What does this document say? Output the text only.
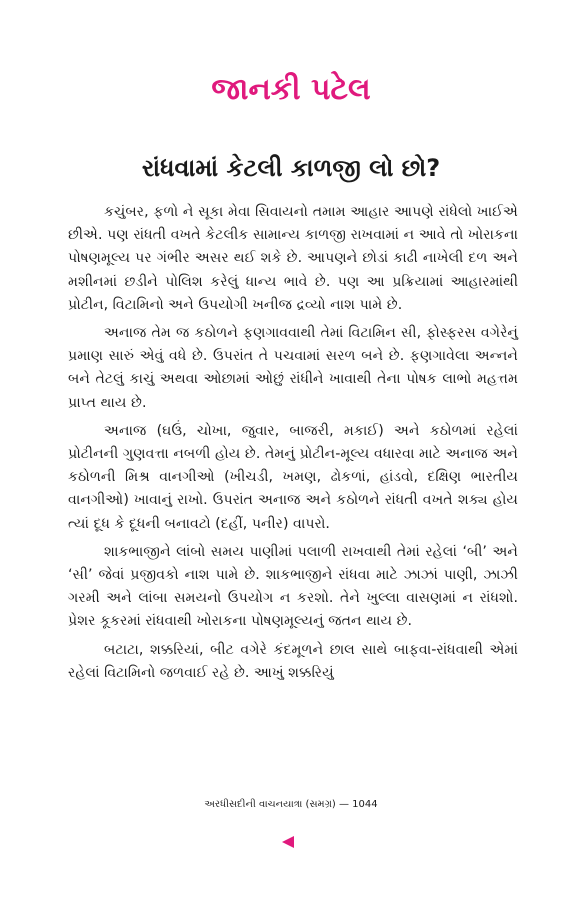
જાનકી પટેલ
રાંધવામાં કેટલી કાળજી લો છો?

કચુંબર, ફળો ને સૂકા મેવા સિવાયનો તમામ આહાર આપણે રાંધેલો ખાઈએ છીએ. પણ રાંધતી વખતે કેટલીક સામાન્ય કાળજી રાખવામાં ન આવે તો ખોરાકના પોષણમૂલ્ય પર ગંભીર અસર થઈ શકે છે. આપણને છોડાં કાઢી નાખેલી દળ અને મશીનમાં છડીને પોલિશ કરેલું ધાન્ય ભાવે છે. પણ આ પ્રક્રિયામાં આહારમાંથી પ્રોટીન, વિટામિનો અને ઉપયોગી ખનીજ દ્રવ્યો નાશ પામે છે.

અનાજ તેમ જ કઠોળને ફણગાવવાથી તેમાં વિટામિન સી, ફોસ્ફરસ વગેરેનું પ્રમાણ સારું એવું વધે છે. ઉપરાંત તે પચવામાં સરળ બને છે. ફણગાવેલા અન્નને બને તેટલું કાચું અથવા ઓછામાં ઓછું રાંધીને ખાવાથી તેના પોષક લાભો મહત્તમ પ્રાપ્ત થાય છે.

અનાજ (ઘઉં, ચોખા, જુવાર, બાજરી, મકાઈ) અને કઠોળમાં રહેલાં પ્રોટીનની ગુણવત્તા નબળી હોય છે. તેમનું પ્રોટીન-મૂલ્ય વધારવા માટે અનાજ અને કઠોળની મિશ્ર વાનગીઓ (ખીચડી, ખમણ, ઢોકળાં, હાંડવો, દક્ષિણ ભારતીય વાનગીઓ) ખાવાનું રાખો. ઉપરાંત અનાજ અને કઠોળને રાંધતી વખતે શક્ય હોય ત્યાં દૂધ કે દૂધની બનાવટો (દહીં, પનીર) વાપરો.

શાકભાજીને લાંબો સમય પાણીમાં પલાળી રાખવાથી તેમાં રહેલાં ‘બી’ અને ‘સી’ જેવાં પ્રજીવકો નાશ પામે છે. શાકભાજીને રાંધવા માટે ઝાઝાં પાણી, ઝાઝી ગરમી અને લાંબા સમયનો ઉપયોગ ન કરશો. તેને ખુલ્લા વાસણમાં ન રાંધશો. પ્રેશર કૂકરમાં રાંધવાથી ખોરાકના પોષણમૂલ્યનું જતન થાય છે.

બટાટા, શક્કરિયાં, બીટ વગેરે કંદમૂળને છાલ સાથે બાફવા-રાંધવાથી એમાં રહેલાં વિટામિનો જળવાઈ રહે છે. આખું શક્કરિયું

અરધીસદીની વાચનયાત્રા (સમગ્ર) — 1044
